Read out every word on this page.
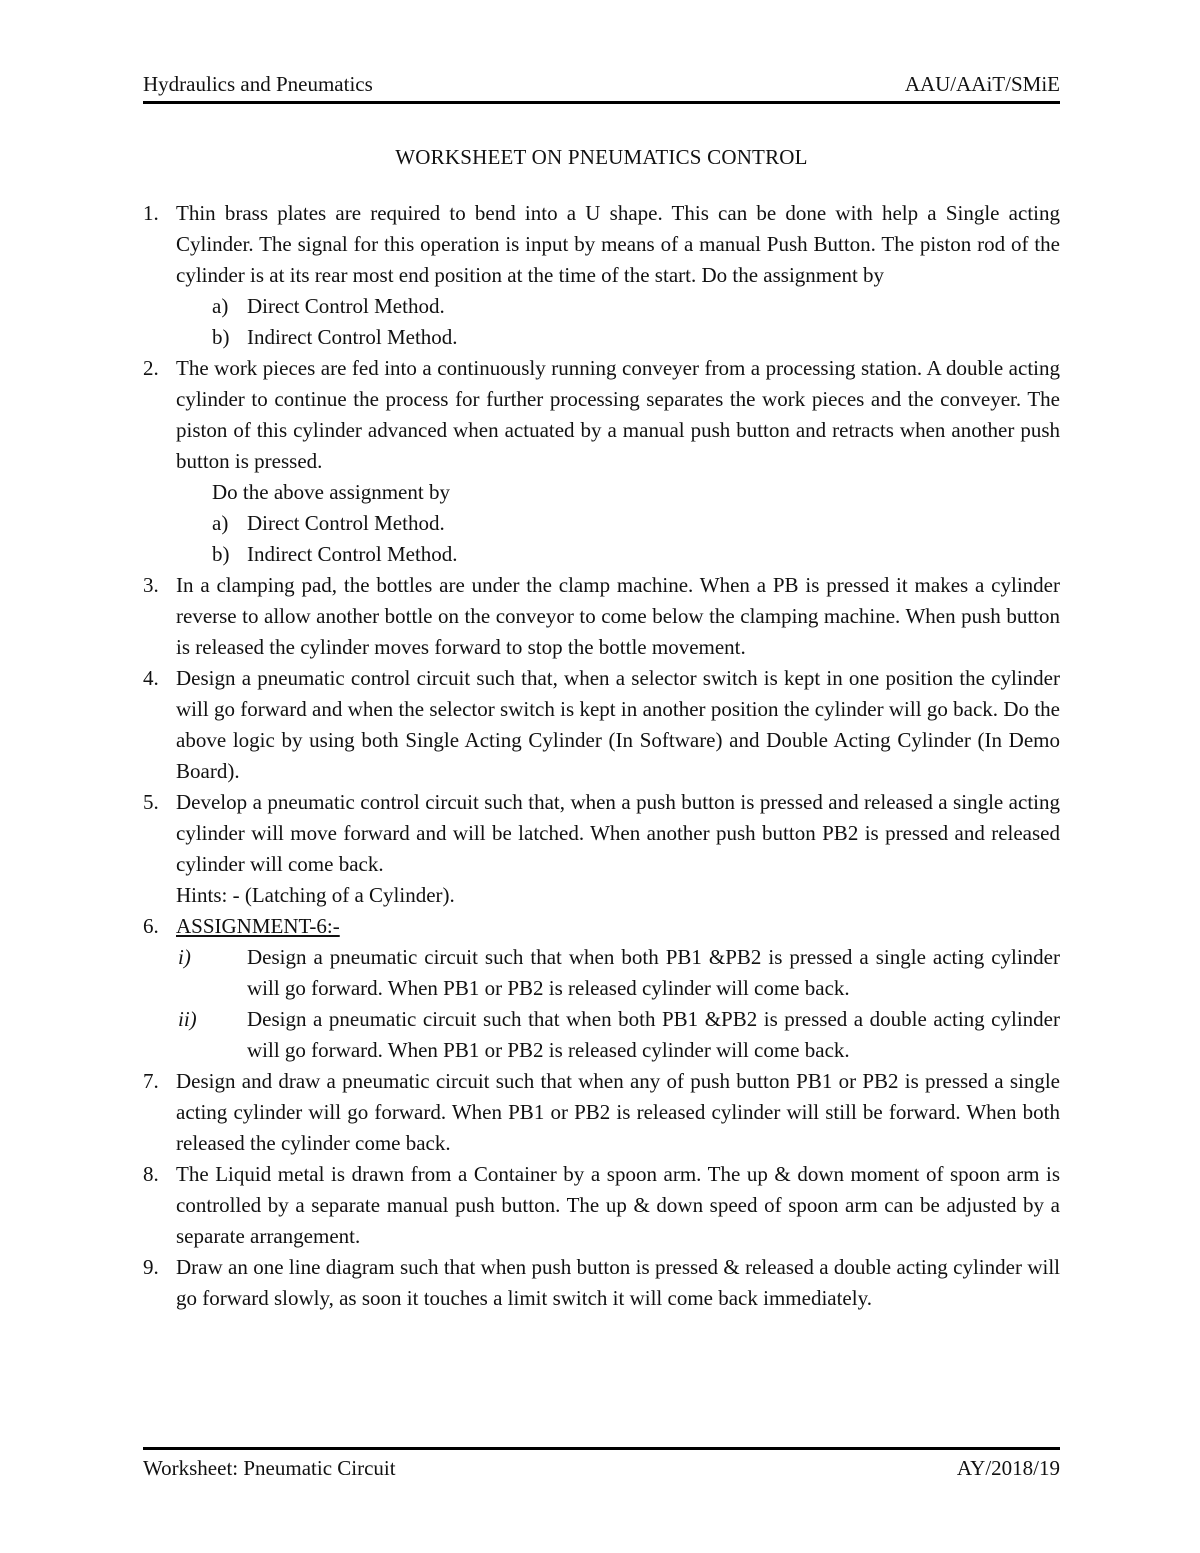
Hydraulics and Pneumatics	AAU/AAiT/SMiE
WORKSHEET ON PNEUMATICS CONTROL
1. Thin brass plates are required to bend into a U shape. This can be done with help a Single acting Cylinder. The signal for this operation is input by means of a manual Push Button. The piston rod of the cylinder is at its rear most end position at the time of the start. Do the assignment by

a) Direct Control Method.
b) Indirect Control Method.
2. The work pieces are fed into a continuously running conveyer from a processing station. A double acting cylinder to continue the process for further processing separates the work pieces and the conveyer. The piston of this cylinder advanced when actuated by a manual push button and retracts when another push button is pressed.

Do the above assignment by
a) Direct Control Method.
b) Indirect Control Method.
3. In a clamping pad, the bottles are under the clamp machine. When a PB is pressed it makes a cylinder reverse to allow another bottle on the conveyor to come below the clamping machine. When push button is released the cylinder moves forward to stop the bottle movement.

4. Design a pneumatic control circuit such that, when a selector switch is kept in one position the cylinder will go forward and when the selector switch is kept in another position the cylinder will go back. Do the above logic by using both Single Acting Cylinder (In Software) and Double Acting Cylinder (In Demo Board).

5. Develop a pneumatic control circuit such that, when a push button is pressed and released a single acting cylinder will move forward and will be latched. When another push button PB2 is pressed and released cylinder will come back.

Hints: - (Latching of a Cylinder).
6. ASSIGNMENT-6:-
i)	Design a pneumatic circuit such that when both PB1 &PB2 is pressed a single acting cylinder will go forward. When PB1 or PB2 is released cylinder will come back.

ii) Design a pneumatic circuit such that when both PB1 &PB2 is pressed a double acting cylinder will go forward. When PB1 or PB2 is released cylinder will come back.

7. Design and draw a pneumatic circuit such that when any of push button PB1 or PB2 is pressed a single acting cylinder will go forward. When PB1 or PB2 is released cylinder will still be forward. When both released the cylinder come back.

8. The Liquid metal is drawn from a Container by a spoon arm. The up & down moment of spoon arm is controlled by a separate manual push button. The up & down speed of spoon arm can be adjusted by a separate arrangement.

9. Draw an one line diagram such that when push button is pressed & released a double acting cylinder will go forward slowly, as soon it touches a limit switch it will come back immediately.

Worksheet: Pneumatic Circuit	AY/2018/19
